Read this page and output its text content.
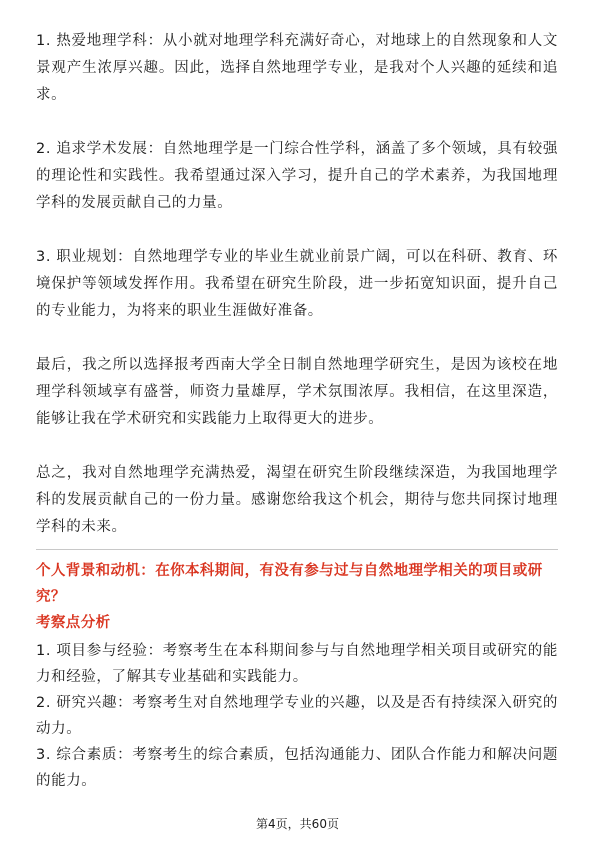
1. 热爱地理学科：从小就对地理学科充满好奇心，对地球上的自然现象和人文景观产生浓厚兴趣。因此，选择自然地理学专业，是我对个人兴趣的延续和追求。

2. 追求学术发展：自然地理学是一门综合性学科，涵盖了多个领域，具有较强的理论性和实践性。我希望通过深入学习，提升自己的学术素养，为我国地理学科的发展贡献自己的力量。

3. 职业规划：自然地理学专业的毕业生就业前景广阔，可以在科研、教育、环境保护等领域发挥作用。我希望在研究生阶段，进一步拓宽知识面，提升自己的专业能力，为将来的职业生涯做好准备。

最后，我之所以选择报考西南大学全日制自然地理学研究生，是因为该校在地理学科领域享有盛誉，师资力量雄厚，学术氛围浓厚。我相信，在这里深造，能够让我在学术研究和实践能力上取得更大的进步。

总之，我对自然地理学充满热爱，渴望在研究生阶段继续深造，为我国地理学科的发展贡献自己的一份力量。感谢您给我这个机会，期待与您共同探讨地理学科的未来。

个人背景和动机：在你本科期间，有没有参与过与自然地理学相关的项目或研究？

考察点分析

1. 项目参与经验：考察考生在本科期间参与与自然地理学相关项目或研究的能力和经验，了解其专业基础和实践能力。

2. 研究兴趣：考察考生对自然地理学专业的兴趣，以及是否有持续深入研究的动力。

3. 综合素质：考察考生的综合素质，包括沟通能力、团队合作能力和解决问题的能力。

第4页，共60页
